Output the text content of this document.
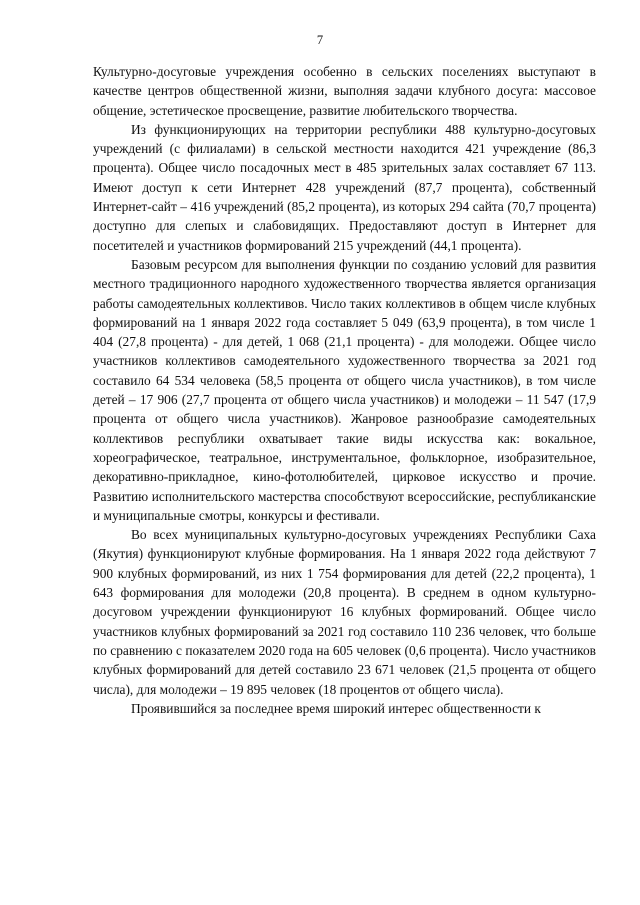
7

Культурно-досуговые учреждения особенно в сельских поселениях выступают в качестве центров общественной жизни, выполняя задачи клубного досуга: массовое общение, эстетическое просвещение, развитие любительского творчества.

Из функционирующих на территории республики 488 культурно-досуговых учреждений (с филиалами) в сельской местности находится 421 учреждение (86,3 процента). Общее число посадочных мест в 485 зрительных залах составляет 67 113. Имеют доступ к сети Интернет 428 учреждений (87,7 процента), собственный Интернет-сайт – 416 учреждений (85,2 процента), из которых 294 сайта (70,7 процента) доступно для слепых и слабовидящих. Предоставляют доступ в Интернет для посетителей и участников формирований 215 учреждений (44,1 процента).

Базовым ресурсом для выполнения функции по созданию условий для развития местного традиционного народного художественного творчества является организация работы самодеятельных коллективов. Число таких коллективов в общем числе клубных формирований на 1 января 2022 года составляет 5 049 (63,9 процента), в том числе 1 404 (27,8 процента) - для детей, 1 068 (21,1 процента) - для молодежи. Общее число участников коллективов самодеятельного художественного творчества за 2021 год составило 64 534 человека (58,5 процента от общего числа участников), в том числе детей – 17 906 (27,7 процента от общего числа участников) и молодежи – 11 547 (17,9 процента от общего числа участников). Жанровое разнообразие самодеятельных коллективов республики охватывает такие виды искусства как: вокальное, хореографическое, театральное, инструментальное, фольклорное, изобразительное, декоративно-прикладное, кино-фотолюбителей, цирковое искусство и прочие. Развитию исполнительского мастерства способствуют всероссийские, республиканские и муниципальные смотры, конкурсы и фестивали.

Во всех муниципальных культурно-досуговых учреждениях Республики Саха (Якутия) функционируют клубные формирования. На 1 января 2022 года действуют 7 900 клубных формирований, из них 1 754 формирования для детей (22,2 процента), 1 643 формирования для молодежи (20,8 процента). В среднем в одном культурно-досуговом учреждении функционируют 16 клубных формирований. Общее число участников клубных формирований за 2021 год составило 110 236 человек, что больше по сравнению с показателем 2020 года на 605 человек (0,6 процента). Число участников клубных формирований для детей составило 23 671 человек (21,5 процента от общего числа), для молодежи – 19 895 человек (18 процентов от общего числа).

Проявившийся за последнее время широкий интерес общественности к
